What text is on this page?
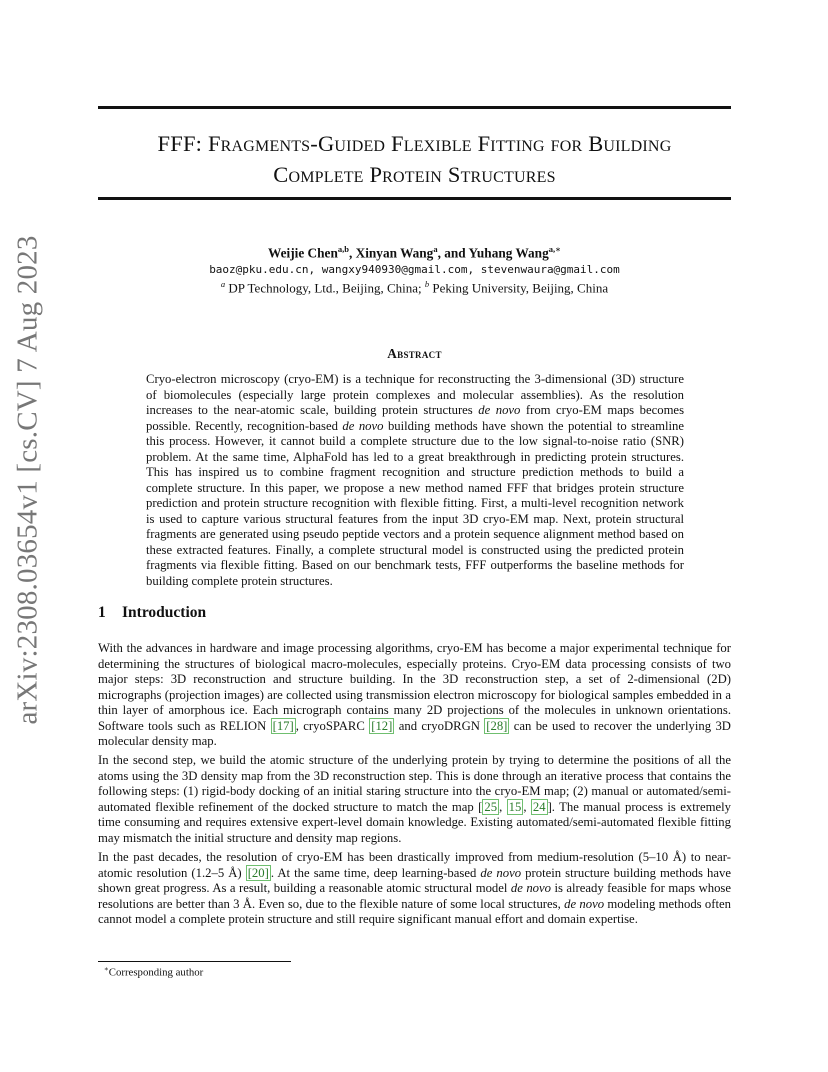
arXiv:2308.03654v1 [cs.CV] 7 Aug 2023
FFF: Fragments-Guided Flexible Fitting for Building
Complete Protein Structures
Weijie Chen$^{a,b}$, Xinyan Wang$^a$, and Yuhang Wang$^{a,∗}$
baoz@pku.edu.cn, wangxy940930@gmail.com, stevenwaura@gmail.com
$^a$ DP Technology, Ltd., Beijing, China; $^b$ Peking University, Beijing, China
Abstract
Cryo-electron microscopy (cryo-EM) is a technique for reconstructing the 3-dimensional (3D) structure of biomolecules (especially large protein complexes and molecular assemblies). As the resolution increases to the near-atomic scale, building protein structures de novo from cryo-EM maps becomes possible. Recently, recognition-based de novo building methods have shown the potential to streamline this process. However, it cannot build a complete structure due to the low signal-to-noise ratio (SNR) problem. At the same time, AlphaFold has led to a great breakthrough in predicting protein structures. This has inspired us to combine fragment recognition and structure prediction methods to build a complete structure. In this paper, we propose a new method named FFF that bridges protein structure prediction and protein structure recognition with flexible fitting. First, a multi-level recognition network is used to capture various structural features from the input 3D cryo-EM map. Next, protein structural fragments are generated using pseudo peptide vectors and a protein sequence alignment method based on these extracted features. Finally, a complete structural model is constructed using the predicted protein fragments via flexible fitting. Based on our benchmark tests, FFF outperforms the baseline methods for building complete protein structures.
1 Introduction
With the advances in hardware and image processing algorithms, cryo-EM has become a major experimental technique for determining the structures of biological macro-molecules, especially proteins. Cryo-EM data processing consists of two major steps: 3D reconstruction and structure building. In the 3D reconstruction step, a set of 2-dimensional (2D) micrographs (projection images) are collected using transmission electron microscopy for biological samples embedded in a thin layer of amorphous ice. Each micrograph contains many 2D projections of the molecules in unknown orientations. Software tools such as RELION [17] , cryoSPARC [12] and cryoDRGN [28] can be used to recover the underlying 3D molecular density map.
In the second step, we build the atomic structure of the underlying protein by trying to determine the positions of all the atoms using the 3D density map from the 3D reconstruction step. This is done through an iterative process that contains the following steps: (1) rigid-body docking of an initial staring structure into the cryo-EM map; (2) manual or automated/semi-automated flexible refinement of the docked structure to match the map [ 25 , 15 , 24 ]. The manual process is extremely time consuming and requires extensive expert-level domain knowledge. Existing automated/semi-automated flexible fitting may mismatch the initial structure and density map regions.
In the past decades, the resolution of cryo-EM has been drastically improved from medium-resolution (5–10 Å) to near-atomic resolution (1.2–5 Å) [20] . At the same time, deep learning-based de novo protein structure building methods have shown great progress. As a result, building a reasonable atomic structural model de novo is already feasible for maps whose resolutions are better than 3 Å. Even so, due to the flexible nature of some local structures, de novo modeling methods often cannot model a complete protein structure and still require significant manual effort and domain expertise.
∗Corresponding author
